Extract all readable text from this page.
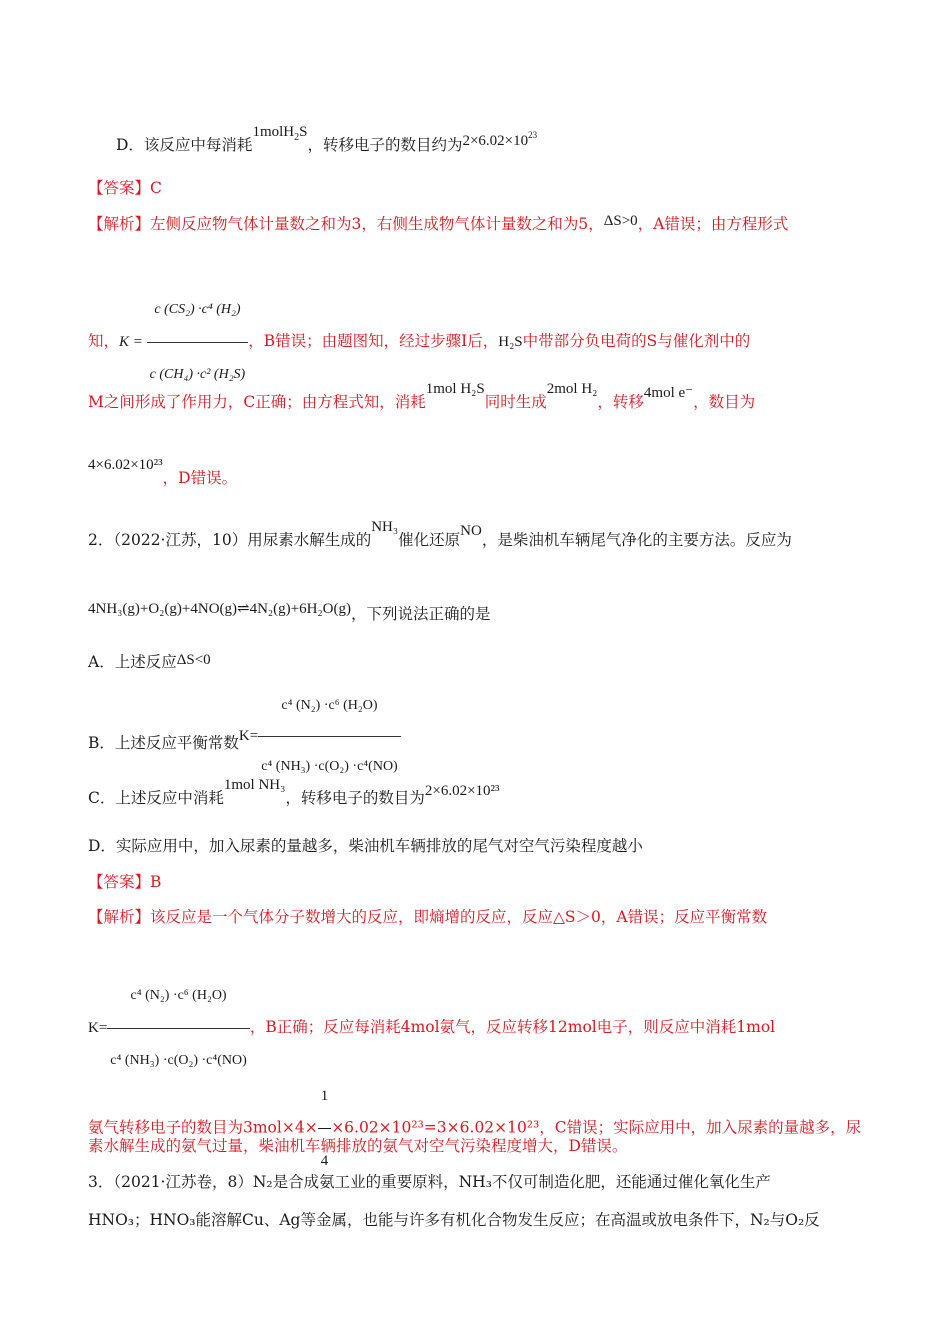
D．该反应中每消耗1molH$_2$S，转移电子的数目约为$2\times 6.02\times 10^{23}$
【答案】C
【解析】左侧反应物气体计量数之和为3，右侧生成物气体计量数之和为5，ΔS>0，A错误；由方程形式
知，$K = \frac{\text{c (CS₂) ·c⁴ (H₂)}}{\text{c (CH₄) ·c² (H₂S)}}$ ，B错误；由题图知，经过步骤Ⅰ后，H₂S中带部分负电荷的S与催化剂中的
M之间形成了作用力，C正确；由方程式知，消耗1mol H₂S同时生成2mol H₂，转移4mol e⁻，数目为
4×6.02×10²³，D错误。
2．（2022·江苏，10）用尿素水解生成的NH₃催化还原NO，是柴油机车辆尾气净化的主要方法。反应为
4NH₃(g)+O₂(g)+4NO(g)⇌4N₂(g)+6H₂O(g)，下列说法正确的是
A．上述反应ΔS<0
B．上述反应平衡常数$K= \frac{\text{c⁴ (N₂) ·c⁶ (H₂O)}}{\text{c⁴ (NH₃) ·c(O₂) ·c⁴(NO)}}$
C．上述反应中消耗1mol NH₃，转移电子的数目为2×6.02×10²³
D．实际应用中，加入尿素的量越多，柴油机车辆排放的尾气对空气污染程度越小
【答案】B
【解析】该反应是一个气体分子数增大的反应，即熵增的反应，反应△S＞0，A错误；反应平衡常数
$K= \frac{\text{c⁴ (N₂) ·c⁶ (H₂O)}}{\text{c⁴ (NH₃) ·c(O₂) ·c⁴(NO)}}$ ，B正确；反应每消耗4mol氨气，反应转移12mol电子，则反应中消耗1mol
氨气转移电子的数目为$3mol\times 4\times \frac{1}{4} \times 6.02\times 10^{23}=3\times 6.02\times 10^{23}$，C错误；实际应用中，加入尿素的量越多，尿
素水解生成的氨气过量，柴油机车辆排放的氨气对空气污染程度增大，D错误。
3．（2021·江苏卷，8）N₂是合成氨工业的重要原料，NH₃不仅可制造化肥，还能通过催化氧化生产
HNO₃；HNO₃能溶解Cu、Ag等金属，也能与许多有机化合物发生反应；在高温或放电条件下，N₂与O₂反
